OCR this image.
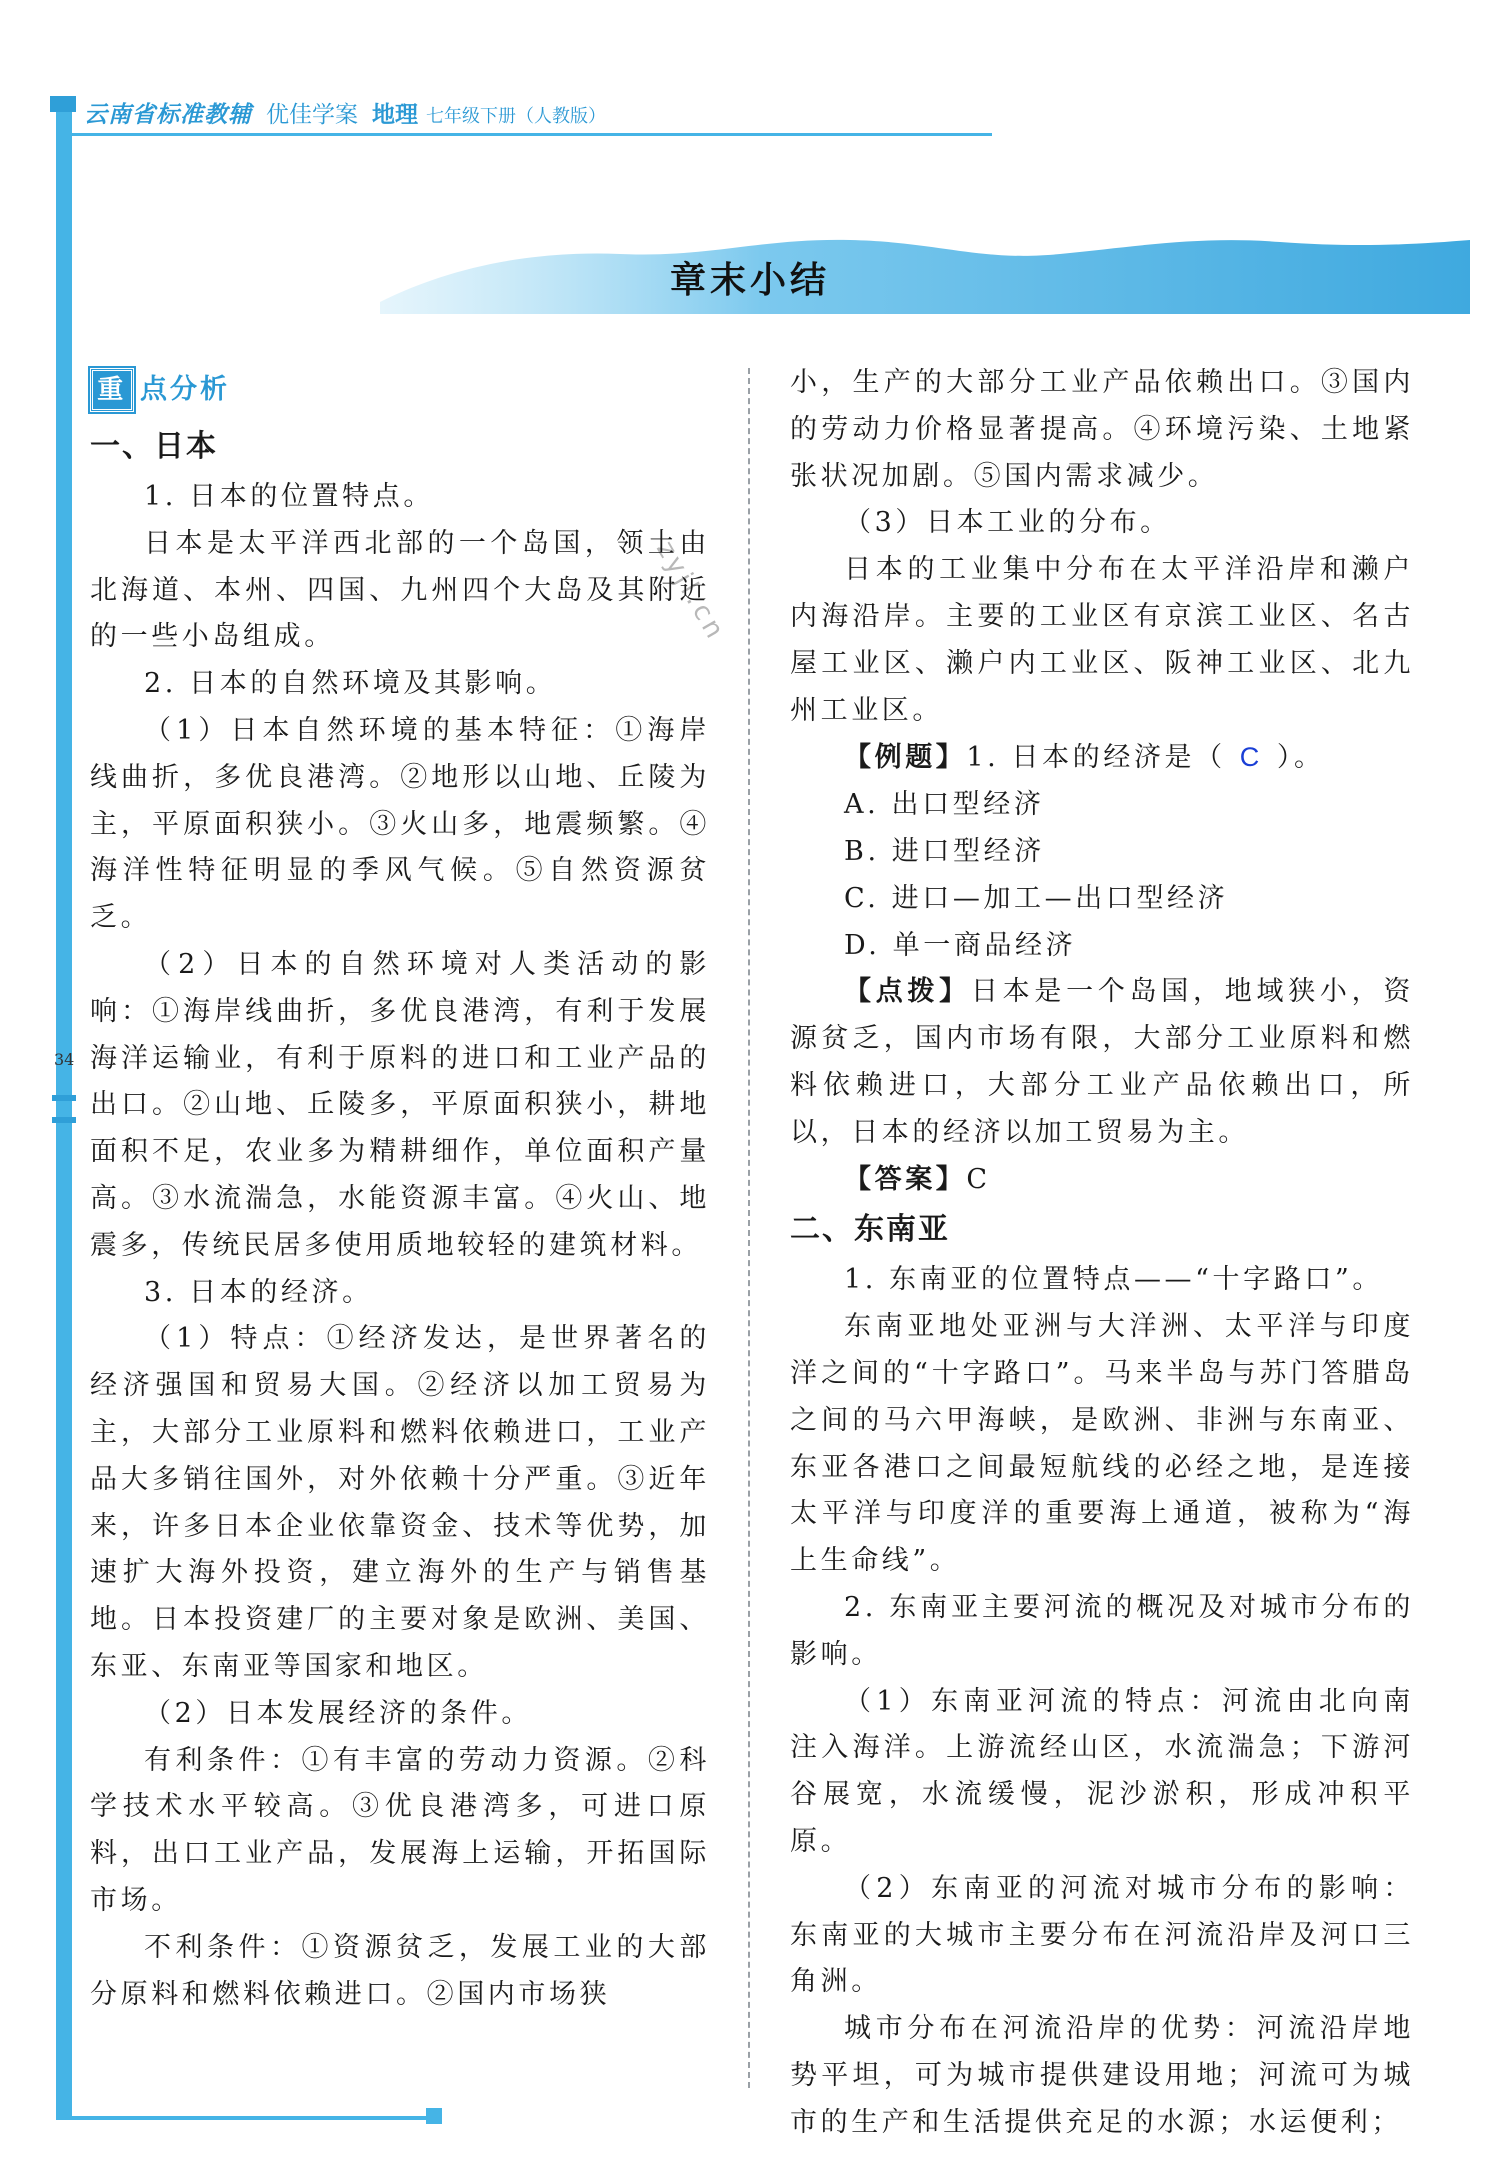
云南省标准教辅 优佳学案 地理 七年级下册（人教版）
34
章末小结
zyjl.cn
重 点分析
一、日本

1. 日本的位置特点。

日本是太平洋西北部的一个岛国，领土由北海道、本州、四国、九州四个大岛及其附近的一些小岛组成。

2. 日本的自然环境及其影响。

（1）日本自然环境的基本特征：①海岸线曲折，多优良港湾。②地形以山地、丘陵为主，平原面积狭小。③火山多，地震频繁。④海洋性特征明显的季风气候。⑤自然资源贫乏。

（2）日本的自然环境对人类活动的影响：①海岸线曲折，多优良港湾，有利于发展海洋运输业，有利于原料的进口和工业产品的出口。②山地、丘陵多，平原面积狭小，耕地面积不足，农业多为精耕细作，单位面积产量高。③水流湍急，水能资源丰富。④火山、地震多，传统民居多使用质地较轻的建筑材料。

3. 日本的经济。

（1）特点：①经济发达，是世界著名的经济强国和贸易大国。②经济以加工贸易为主，大部分工业原料和燃料依赖进口，工业产品大多销往国外，对外依赖十分严重。③近年来，许多日本企业依靠资金、技术等优势，加速扩大海外投资，建立海外的生产与销售基地。日本投资建厂的主要对象是欧洲、美国、东亚、东南亚等国家和地区。

（2）日本发展经济的条件。

有利条件：①有丰富的劳动力资源。②科学技术水平较高。③优良港湾多，可进口原料，出口工业产品，发展海上运输，开拓国际市场。

不利条件：①资源贫乏，发展工业的大部分原料和燃料依赖进口。②国内市场狭

小，生产的大部分工业产品依赖出口。③国内的劳动力价格显著提高。④环境污染、土地紧张状况加剧。⑤国内需求减少。

（3）日本工业的分布。

日本的工业集中分布在太平洋沿岸和濑户内海沿岸。主要的工业区有京滨工业区、名古屋工业区、濑户内工业区、阪神工业区、北九州工业区。

【例题】1. 日本的经济是（ C ）。

A. 出口型经济

B. 进口型经济

C. 进口—加工—出口型经济

D. 单一商品经济

【点拨】日本是一个岛国，地域狭小，资源贫乏，国内市场有限，大部分工业原料和燃料依赖进口，大部分工业产品依赖出口，所以，日本的经济以加工贸易为主。

【答案】C

二、东南亚

1. 东南亚的位置特点——“十字路口”。

东南亚地处亚洲与大洋洲、太平洋与印度洋之间的“十字路口”。马来半岛与苏门答腊岛之间的马六甲海峡，是欧洲、非洲与东南亚、东亚各港口之间最短航线的必经之地，是连接太平洋与印度洋的重要海上通道，被称为“海上生命线”。

2. 东南亚主要河流的概况及对城市分布的影响。

（1）东南亚河流的特点：河流由北向南注入海洋。上游流经山区，水流湍急；下游河谷展宽，水流缓慢，泥沙淤积，形成冲积平原。

（2）东南亚的河流对城市分布的影响：东南亚的大城市主要分布在河流沿岸及河口三角洲。

城市分布在河流沿岸的优势：河流沿岸地势平坦，可为城市提供建设用地；河流可为城市的生产和生活提供充足的水源；水运便利；
